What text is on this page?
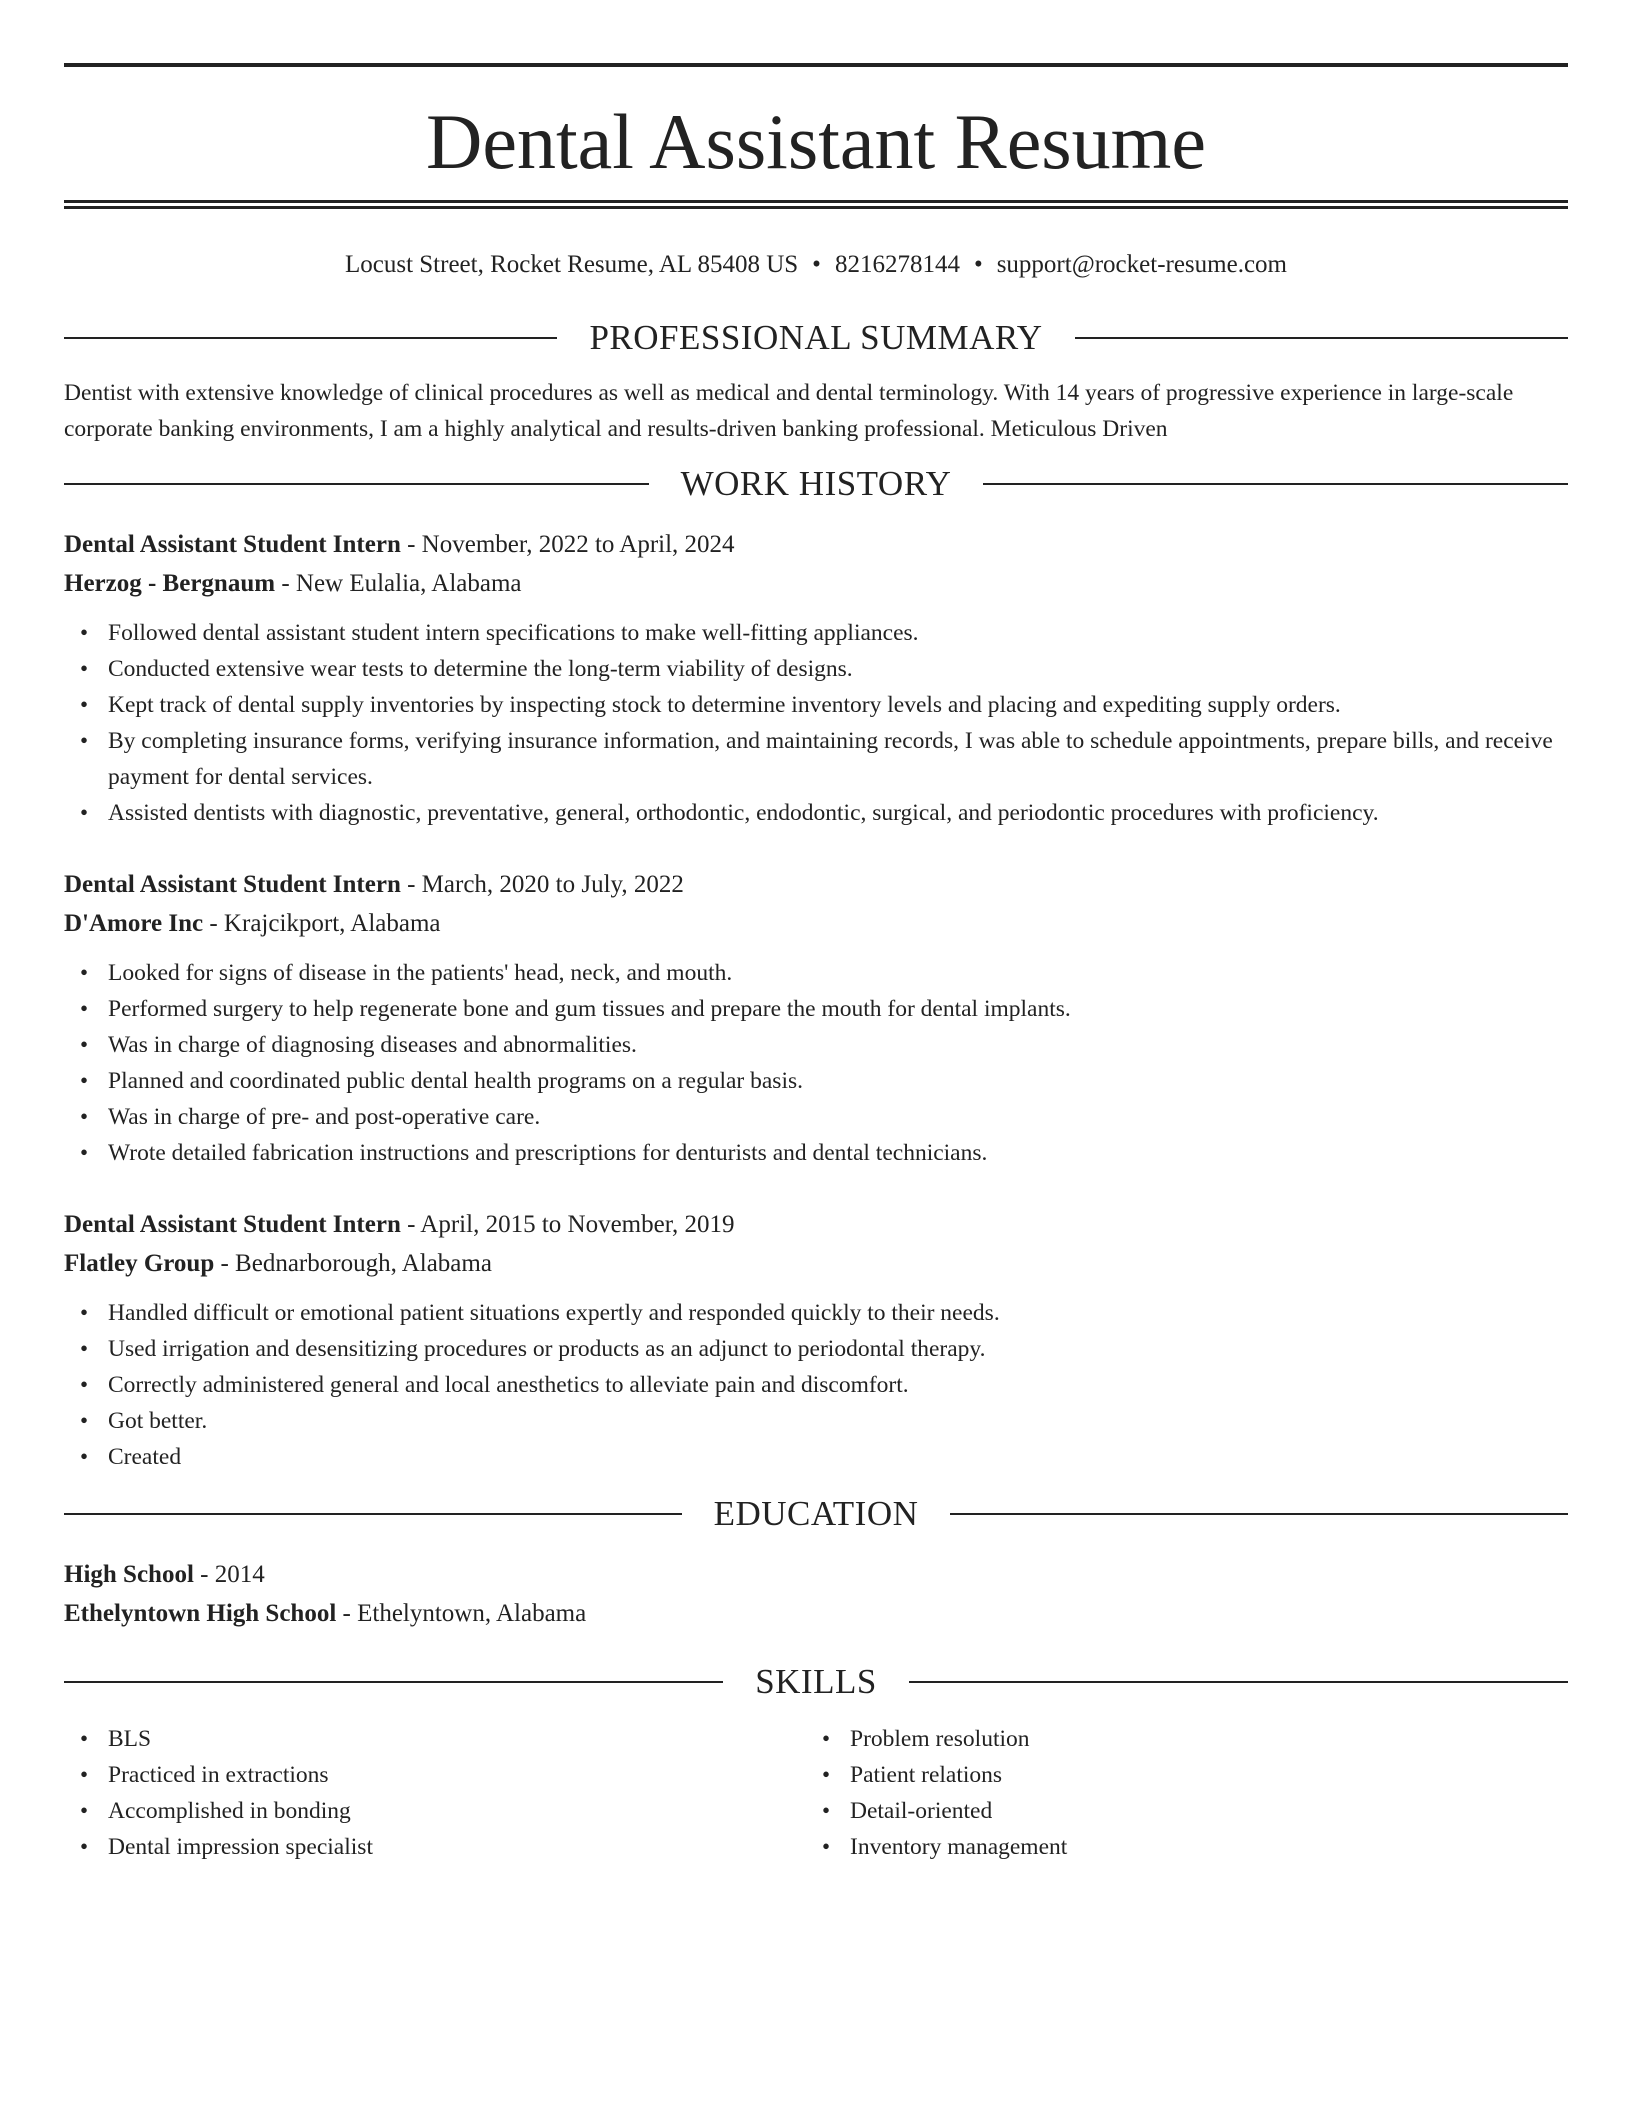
Dental Assistant Resume
Locust Street, Rocket Resume, AL 85408 US • 8216278144 • support@rocket-resume.com
PROFESSIONAL SUMMARY
Dentist with extensive knowledge of clinical procedures as well as medical and dental terminology. With 14 years of progressive experience in large-scale corporate banking environments, I am a highly analytical and results-driven banking professional. Meticulous Driven
WORK HISTORY
Dental Assistant Student Intern - November, 2022 to April, 2024
Herzog - Bergnaum - New Eulalia, Alabama
• Followed dental assistant student intern specifications to make well-fitting appliances.
• Conducted extensive wear tests to determine the long-term viability of designs.
• Kept track of dental supply inventories by inspecting stock to determine inventory levels and placing and expediting supply orders.
• By completing insurance forms, verifying insurance information, and maintaining records, I was able to schedule appointments, prepare bills, and receive payment for dental services.
• Assisted dentists with diagnostic, preventative, general, orthodontic, endodontic, surgical, and periodontic procedures with proficiency.
Dental Assistant Student Intern - March, 2020 to July, 2022
D'Amore Inc - Krajcikport, Alabama
• Looked for signs of disease in the patients' head, neck, and mouth.
• Performed surgery to help regenerate bone and gum tissues and prepare the mouth for dental implants.
• Was in charge of diagnosing diseases and abnormalities.
• Planned and coordinated public dental health programs on a regular basis.
• Was in charge of pre- and post-operative care.
• Wrote detailed fabrication instructions and prescriptions for denturists and dental technicians.
Dental Assistant Student Intern - April, 2015 to November, 2019
Flatley Group - Bednarborough, Alabama
• Handled difficult or emotional patient situations expertly and responded quickly to their needs.
• Used irrigation and desensitizing procedures or products as an adjunct to periodontal therapy.
• Correctly administered general and local anesthetics to alleviate pain and discomfort.
• Got better.
• Created
EDUCATION
High School - 2014
Ethelyntown High School - Ethelyntown, Alabama
SKILLS
• BLS
• Practiced in extractions
• Accomplished in bonding
• Dental impression specialist
• Problem resolution
• Patient relations
• Detail-oriented
• Inventory management
